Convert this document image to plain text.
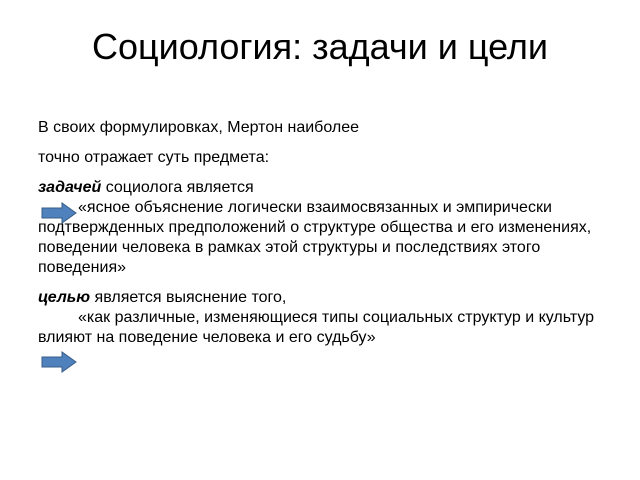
Социология: задачи и цели

В своих формулировках, Мертон наиболее

точно отражает суть предмета:

задачей социолога является

«ясное объяснение логически взаимосвязанных и эмпирически подтвержденных предположений о структуре общества и его изменениях, поведении человека в рамках этой структуры и последствиях этого поведения»

целью является выяснение того,

«как различные, изменяющиеся типы социальных структур и культур влияют на поведение человека и его судьбу»
